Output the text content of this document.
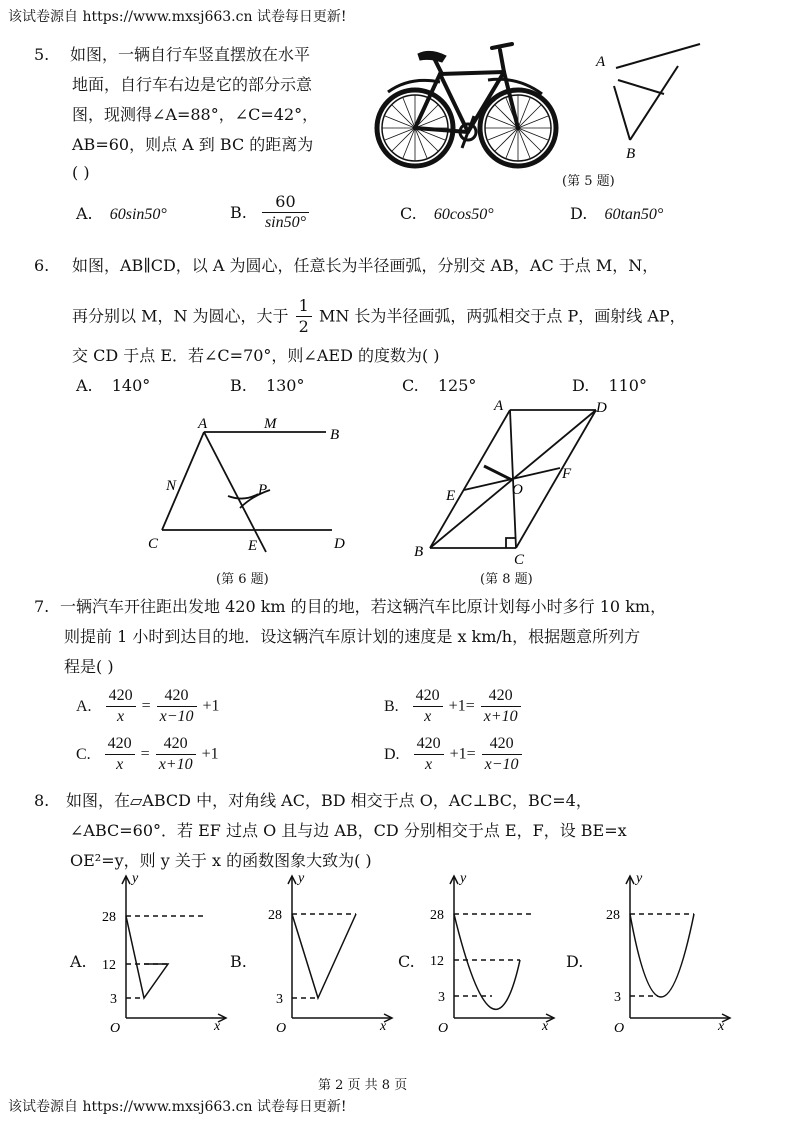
该试卷源自 https://www.mxsj663.cn 试卷每日更新!
5. 如图，一辆自行车竖直摆放在水平
地面，自行车右边是它的部分示意
图，现测得∠A=88°，∠C=42°，
AB=60，则点 A 到 BC 的距离为
( )
A
B
(第 5 题)
A. 60sin50°	B. $\frac{60}{\sin 50^\circ}$	C. 60cos50°	D. 60tan50°
6. 如图，AB∥CD，以 A 为圆心，任意长为半径画弧，分别交 AB，AC 于点 M，N，
再分别以 M，N 为圆心，大于 $\frac{1}{2}$ MN 长为半径画弧，两弧相交于点 P，画射线 AP，
交 CD 于点 E．若∠C=70°，则∠AED 的度数为( )
A. 140°	B. 130°	C. 125°	D. 110°
A	M
B
N	P
C	E	D
(第 6 题)
A	D
E	O
F
B	C
(第 8 题)
7. 一辆汽车开往距出发地 420 km 的目的地，若这辆汽车比原计划每小时多行 10 km，
则提前 1 小时到达目的地．设这辆汽车原计划的速度是 x km/h，根据题意所列方
程是( )
A. $\frac{420}{x} = \frac{420}{x-10} +1$	B. $\frac{420}{x} +1= \frac{420}{x+10}$
C. $\frac{420}{x} = \frac{420}{x+10} +1$	D. $\frac{420}{x} +1= \frac{420}{x-10}$
8. 如图，在▱ABCD 中，对角线 AC，BD 相交于点 O，AC⊥BC，BC=4，
∠ABC=60°．若 EF 过点 O 且与边 AB，CD 分别相交于点 E，F，设 BE=x
OE²=y，则 y 关于 x 的函数图象大致为( )
A.
y
x
O
28
12
3
B.
y
x
O
28
3
C.
y
x
O
28
12
3
D.
y
x
O
28
3
第 2 页 共 8 页
该试卷源自 https://www.mxsj663.cn 试卷每日更新!
